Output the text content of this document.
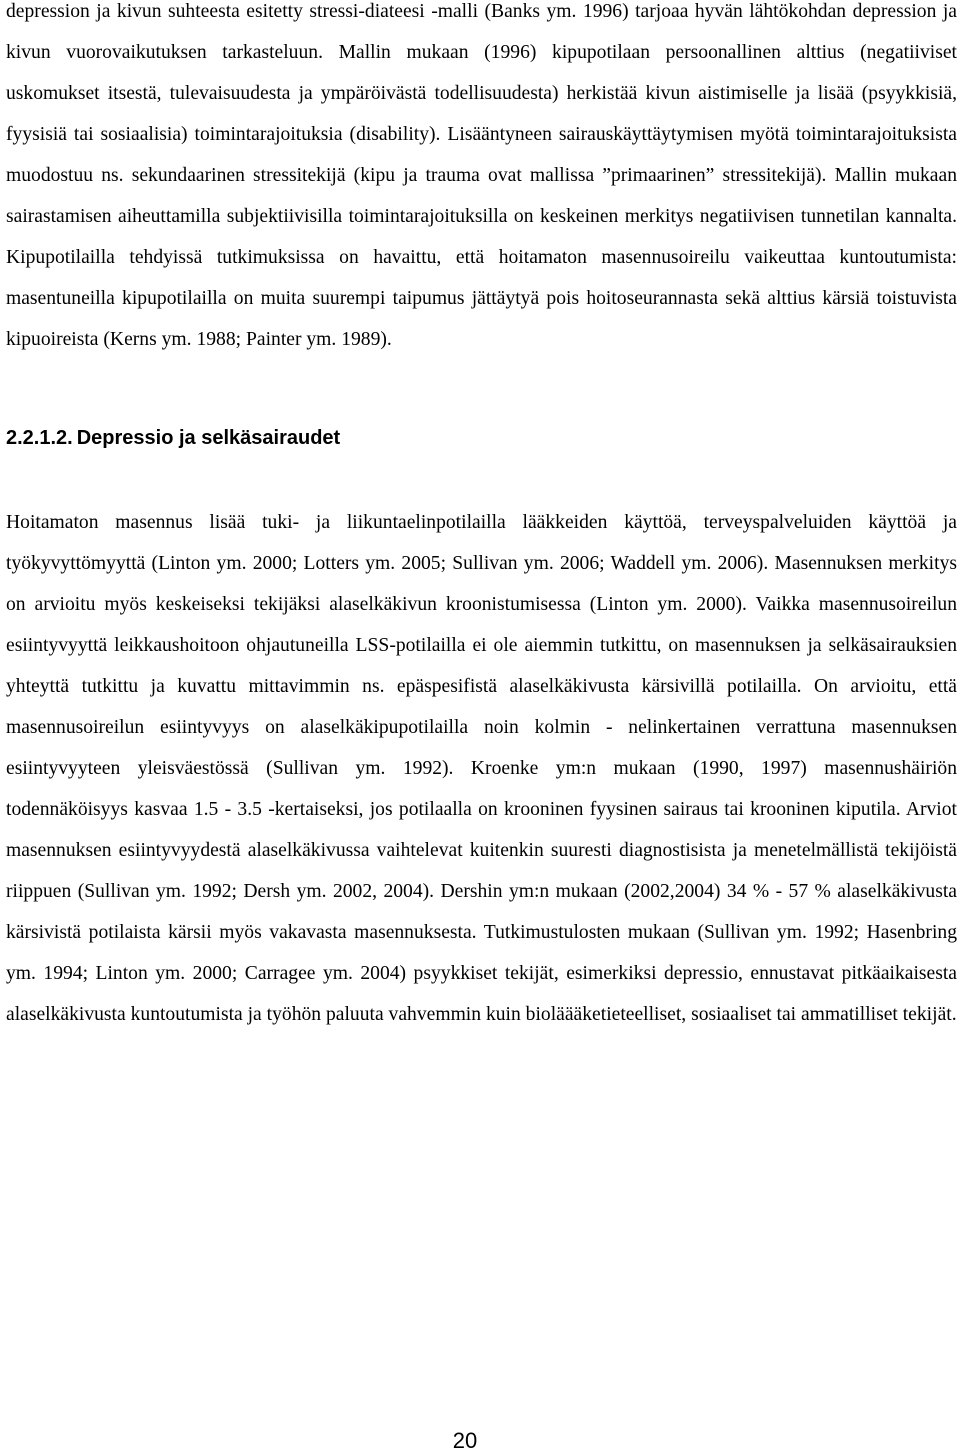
depression ja kivun suhteesta esitetty stressi-diateesi -malli (Banks ym. 1996) tarjoaa hyvän lähtökohdan depression ja kivun vuorovaikutuksen tarkasteluun. Mallin mukaan (1996) kipupotilaan persoonallinen alttius (negatiiviset uskomukset itsestä, tulevaisuudesta ja ympäröivästä todellisuudesta) herkistää kivun aistimiselle ja lisää (psyykkisiä, fyysisiä tai sosiaalisia) toimintarajoituksia (disability). Lisääntyneen sairauskäyttäytymisen myötä toimintarajoituksista muodostuu ns. sekundaarinen stressitekijä (kipu ja trauma ovat mallissa ”primaarinen” stressitekijä). Mallin mukaan sairastamisen aiheuttamilla subjektiivisilla toimintarajoituksilla on keskeinen merkitys negatiivisen tunnetilan kannalta. Kipupotilailla tehdyissä tutkimuksissa on havaittu, että hoitamaton masennusoireilu vaikeuttaa kuntoutumista: masentuneilla kipupotilailla on muita suurempi taipumus jättäytyä pois hoitoseurannasta sekä alttius kärsiä toistuvista kipuoireista (Kerns ym. 1988; Painter ym. 1989).

2.2.1.2. Depressio ja selkäsairaudet

Hoitamaton masennus lisää tuki- ja liikuntaelinpotilailla lääkkeiden käyttöä, terveyspalveluiden käyttöä ja työkyvyttömyyttä (Linton ym. 2000; Lotters ym. 2005; Sullivan ym. 2006; Waddell ym. 2006). Masennuksen merkitys on arvioitu myös keskeiseksi tekijäksi alaselkäkivun kroonistumisessa (Linton ym. 2000). Vaikka masennusoireilun esiintyvyyttä leikkaushoitoon ohjautuneilla LSS-potilailla ei ole aiemmin tutkittu, on masennuksen ja selkäsairauksien yhteyttä tutkittu ja kuvattu mittavimmin ns. epäspesifistä alaselkäkivusta kärsivillä potilailla. On arvioitu, että masennusoireilun esiintyvyys on alaselkäkipupotilailla noin kolmin - nelinkertainen verrattuna masennuksen esiintyvyyteen yleisväestössä (Sullivan ym. 1992). Kroenke ym:n mukaan (1990, 1997) masennushäiriön todennäköisyys kasvaa 1.5 - 3.5 -kertaiseksi, jos potilaalla on krooninen fyysinen sairaus tai krooninen kiputila. Arviot masennuksen esiintyvyydestä alaselkäkivussa vaihtelevat kuitenkin suuresti diagnostisista ja menetelmällistä tekijöistä riippuen (Sullivan ym. 1992; Dersh ym. 2002, 2004). Dershin ym:n mukaan (2002,2004) 34 % - 57 % alaselkäkivusta kärsivistä potilaista kärsii myös vakavasta masennuksesta. Tutkimustulosten mukaan (Sullivan ym. 1992; Hasenbring ym. 1994; Linton ym. 2000; Carragee ym. 2004) psyykkiset tekijät, esimerkiksi depressio, ennustavat pitkäaikaisesta alaselkäkivusta kuntoutumista ja työhön paluuta vahvemmin kuin bioläääketieteelliset, sosiaaliset tai ammatilliset tekijät.

20
